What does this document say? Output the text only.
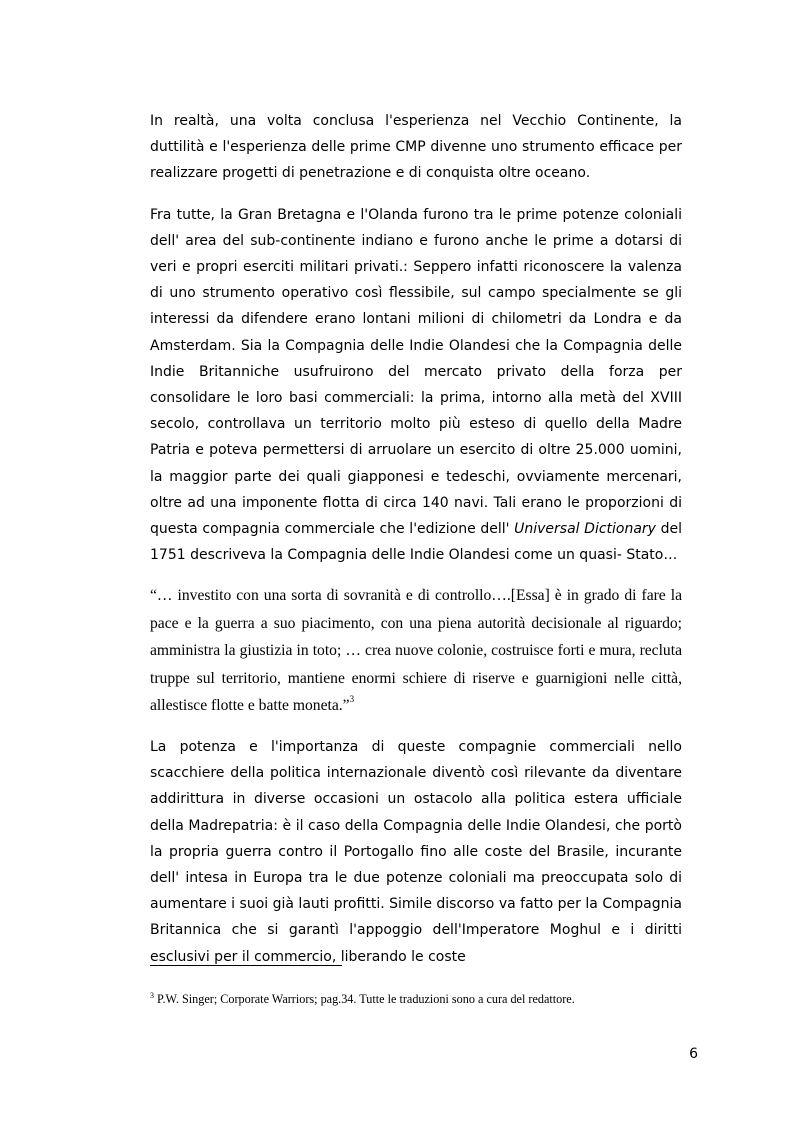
In realtà, una volta conclusa l'esperienza nel Vecchio Continente, la duttilità e l'esperienza delle prime CMP divenne uno strumento efficace per realizzare progetti di penetrazione e di conquista oltre oceano.

Fra tutte, la Gran Bretagna e l'Olanda furono tra le prime potenze coloniali dell' area del sub-continente indiano e furono anche le prime a dotarsi di veri e propri eserciti militari privati.: Seppero infatti riconoscere la valenza di uno strumento operativo così flessibile, sul campo specialmente se gli interessi da difendere erano lontani milioni di chilometri da Londra e da Amsterdam. Sia la Compagnia delle Indie Olandesi che la Compagnia delle Indie Britanniche usufruirono del mercato privato della forza per consolidare le loro basi commerciali: la prima, intorno alla metà del XVIII secolo, controllava un territorio molto più esteso di quello della Madre Patria e poteva permettersi di arruolare un esercito di oltre 25.000 uomini, la maggior parte dei quali giapponesi e tedeschi, ovviamente mercenari, oltre ad una imponente flotta di circa 140 navi. Tali erano le proporzioni di questa compagnia commerciale che l'edizione dell' Universal Dictionary del 1751 descriveva la Compagnia delle Indie Olandesi come un quasi- Stato…

“… investito con una sorta di sovranità e di controllo….[Essa] è in grado di fare la pace e la guerra a suo piacimento, con una piena autorità decisionale al riguardo; amministra la giustizia in toto; … crea nuove colonie, costruisce forti e mura, recluta truppe sul territorio, mantiene enormi schiere di riserve e guarnigioni nelle città, allestisce flotte e batte moneta.”$^3$

La potenza e l'importanza di queste compagnie commerciali nello scacchiere della politica internazionale diventò così rilevante da diventare addirittura in diverse occasioni un ostacolo alla politica estera ufficiale della Madrepatria: è il caso della Compagnia delle Indie Olandesi, che portò la propria guerra contro il Portogallo fino alle coste del Brasile, incurante dell' intesa in Europa tra le due potenze coloniali ma preoccupata solo di aumentare i suoi già lauti profitti. Simile discorso va fatto per la Compagnia Britannica che si garantì l'appoggio dell'Imperatore Moghul e i diritti esclusivi per il commercio, liberando le coste

$^3$ P.W. Singer; Corporate Warriors; pag.34. Tutte le traduzioni sono a cura del redattore.

6
